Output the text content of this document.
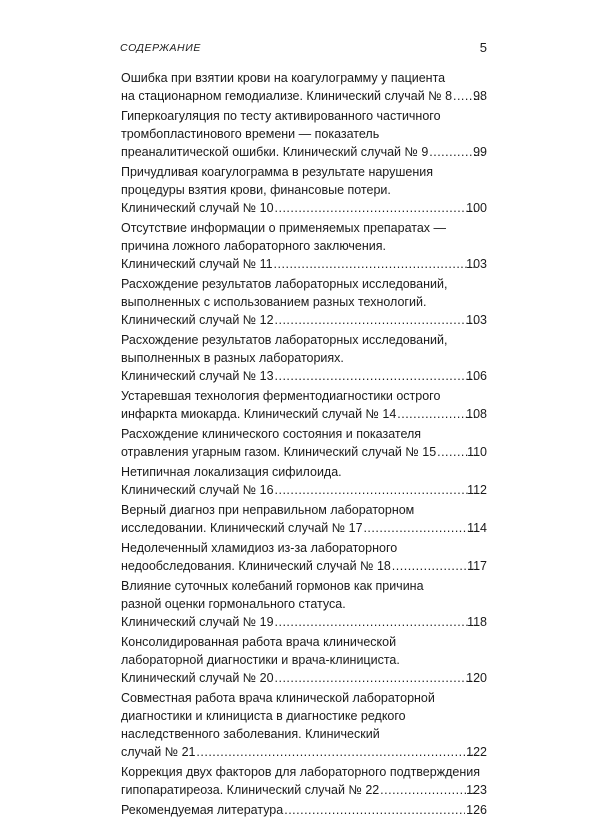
СОДЕРЖАНИЕ	5
Ошибка при взятии крови на коагулограмму у пациента
на стационарном гемодиализе. Клинический случай № 8 ..... 98
Гиперкоагуляция по тесту активированного частичного
тромбопластинового времени — показатель
преаналитической ошибки. Клинический случай № 9 .....	99
Причудливая коагулограмма в результате нарушения
процедуры взятия крови, финансовые потери.
Клинический случай № 10 .....	100
Отсутствие информации о применяемых препаратах —
причина ложного лабораторного заключения.
Клинический случай № 11 .....	103
Расхождение результатов лабораторных исследований,
выполненных с использованием разных технологий.
Клинический случай № 12 .....	103
Расхождение результатов лабораторных исследований,
выполненных в разных лабораториях.
Клинический случай № 13 .....	106
Устаревшая технология ферментодиагностики острого
инфаркта миокарда. Клинический случай № 14 .....	108
Расхождение клинического состояния и показателя
отравления угарным газом. Клинический случай № 15 ..... 110
Нетипичная локализация сифилоида.
Клинический случай № 16 .....	112
Верный диагноз при неправильном лабораторном
исследовании. Клинический случай № 17 .....	114
Недолеченный хламидиоз из-за лабораторного
недообследования. Клинический случай № 18 .....	117
Влияние суточных колебаний гормонов как причина
разной оценки гормонального статуса.
Клинический случай № 19 .....	118
Консолидированная работа врача клинической
лабораторной диагностики и врача-клинициста.
Клинический случай № 20 .....	120
Совместная работа врача клинической лабораторной
диагностики и клинициста в диагностике редкого
наследственного заболевания. Клинический
случай № 21 .....	122
Коррекция двух факторов для лабораторного подтверждения
гипопаратиреоза. Клинический случай № 22 .....	123
Рекомендуемая литература .....	126
